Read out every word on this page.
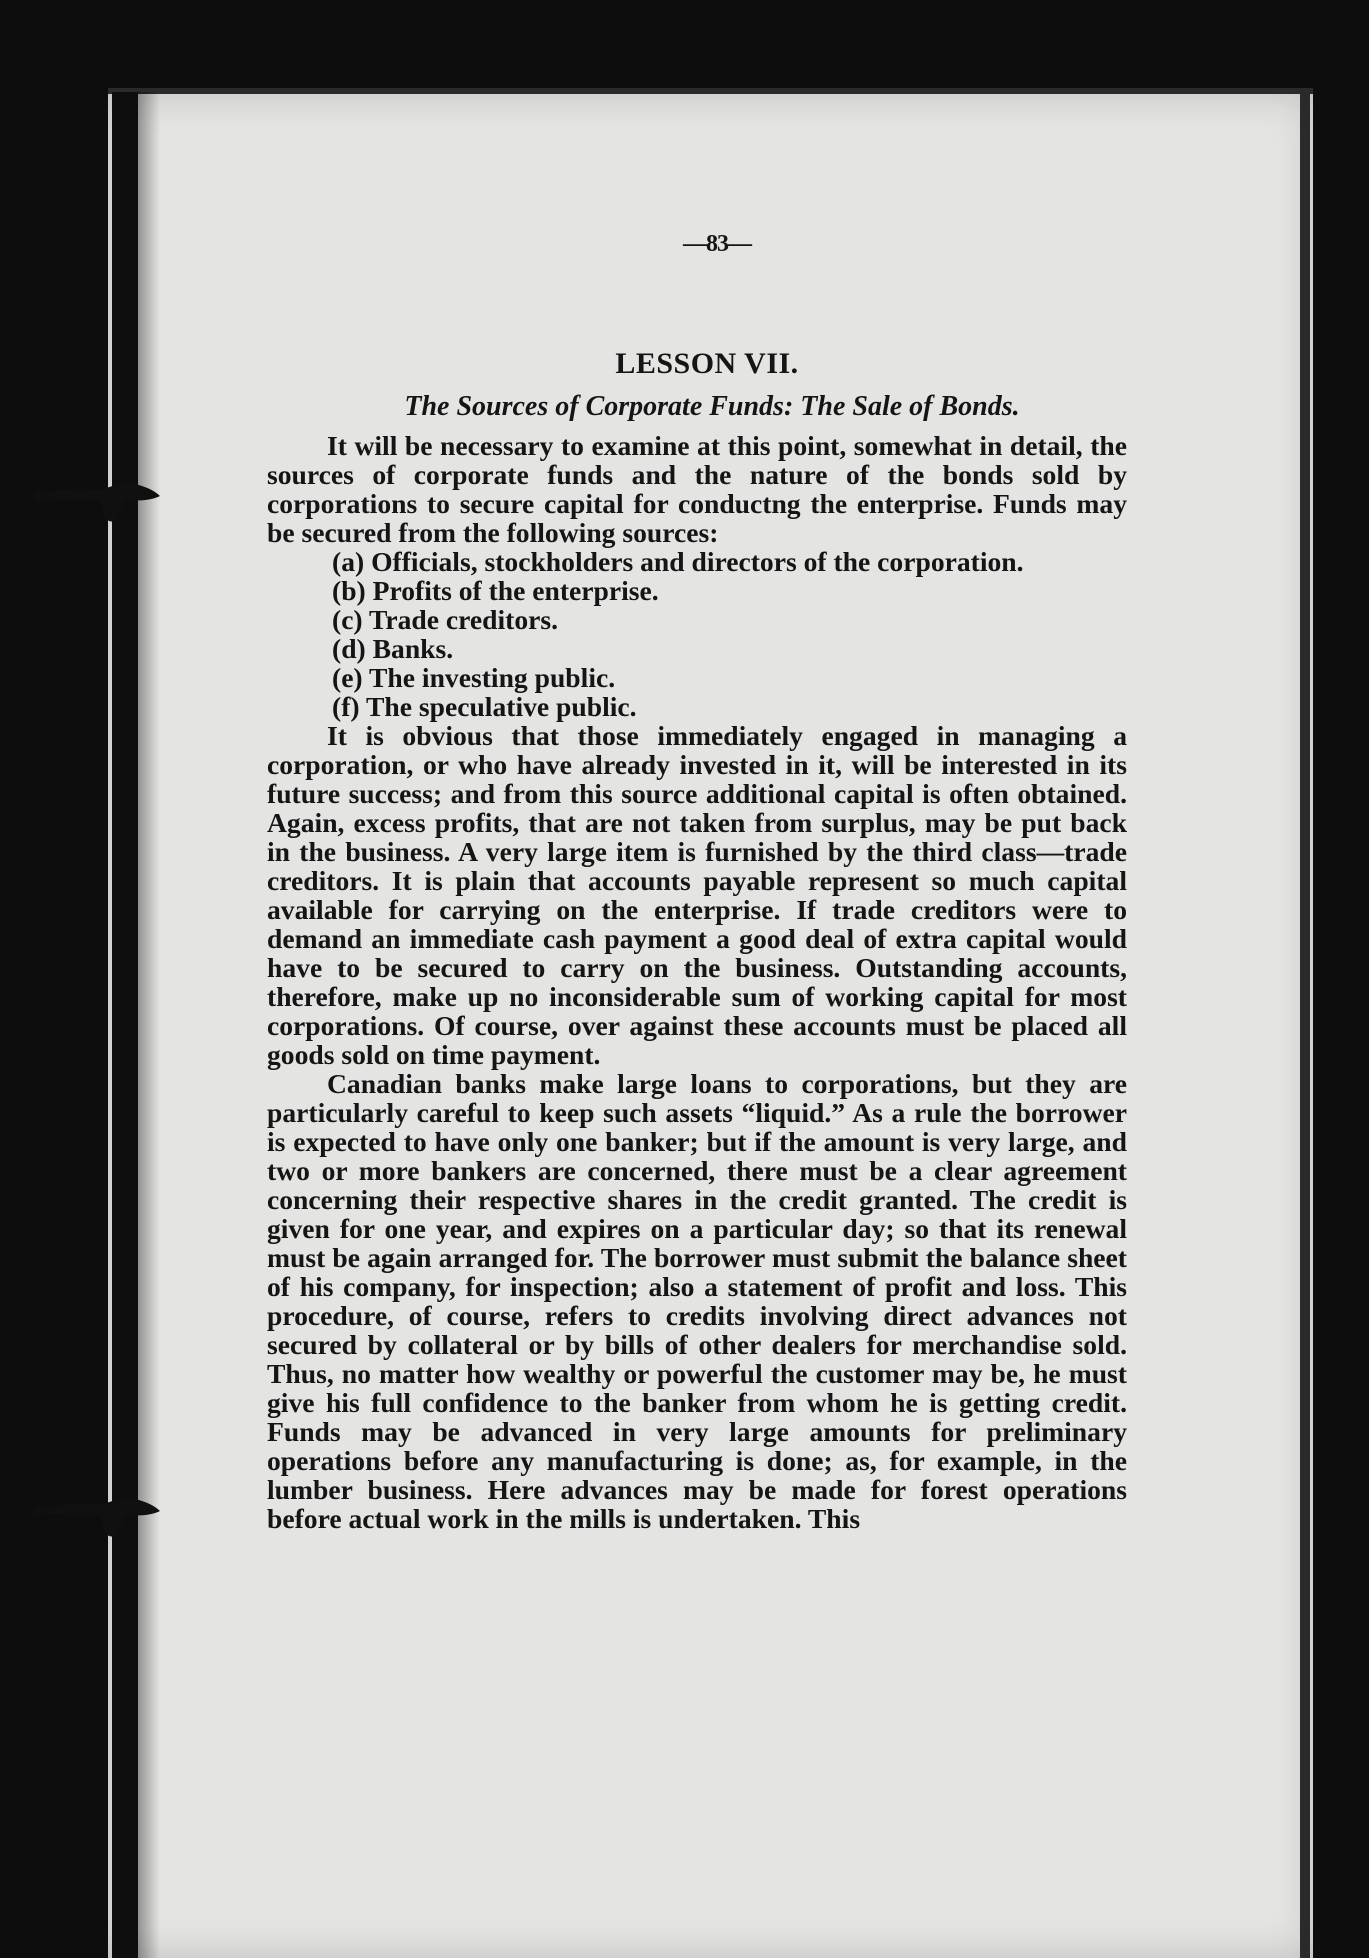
—83—
LESSON VII.
The Sources of Corporate Funds: The Sale of Bonds.

It will be necessary to examine at this point, somewhat in detail, the sources of corporate funds and the nature of the bonds sold by corporations to secure capital for conductng the enterprise. Funds may be secured from the following sources:

(a) Officials, stockholders and directors of the corporation.

(b) Profits of the enterprise.

(c) Trade creditors.

(d) Banks.

(e) The investing public.

(f) The speculative public.

It is obvious that those immediately engaged in managing a corporation, or who have already invested in it, will be interested in its future success; and from this source additional capital is often obtained. Again, excess profits, that are not taken from surplus, may be put back in the business. A very large item is furnished by the third class—trade creditors. It is plain that accounts payable represent so much capital available for carrying on the enterprise. If trade creditors were to demand an immediate cash payment a good deal of extra capital would have to be secured to carry on the business. Outstanding accounts, therefore, make up no inconsiderable sum of working capital for most corporations. Of course, over against these accounts must be placed all goods sold on time payment.

Canadian banks make large loans to corporations, but they are particularly careful to keep such assets “liquid.” As a rule the borrower is expected to have only one banker; but if the amount is very large, and two or more bankers are concerned, there must be a clear agreement concerning their respective shares in the credit granted. The credit is given for one year, and expires on a particular day; so that its renewal must be again arranged for. The borrower must submit the balance sheet of his company, for inspection; also a statement of profit and loss. This procedure, of course, refers to credits involving direct advances not secured by collateral or by bills of other dealers for merchandise sold. Thus, no matter how wealthy or powerful the customer may be, he must give his full confidence to the banker from whom he is getting credit. Funds may be advanced in very large amounts for preliminary operations before any manufacturing is done; as, for example, in the lumber business. Here advances may be made for forest operations before actual work in the mills is undertaken. This
